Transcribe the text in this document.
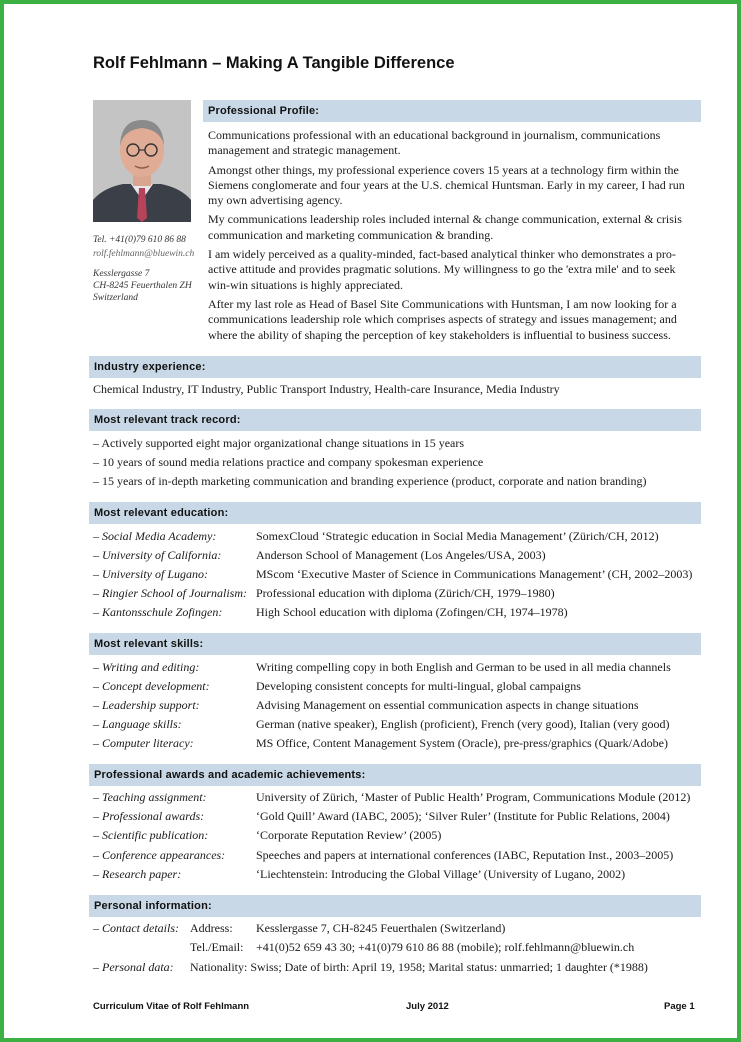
Rolf Fehlmann – Making A Tangible Difference
Tel. +41(0)79 610 86 88
rolf.fehlmann@bluewin.ch
Kesslergasse 7
CH-8245 Feuerthalen ZH
Switzerland
Professional Profile:

Communications professional with an educational background in journalism, communications management and strategic management.

Amongst other things, my professional experience covers 15 years at a technology firm within the Siemens conglomerate and four years at the U.S. chemical Huntsman. Early in my career, I had run my own advertising agency.

My communications leadership roles included internal & change communication, external & crisis communication and marketing communication & branding.

I am widely perceived as a quality-minded, fact-based analytical thinker who demonstrates a pro-active attitude and provides pragmatic solutions. My willingness to go the 'extra mile' and to seek win-win situations is highly appreciated.

After my last role as Head of Basel Site Communications with Huntsman, I am now looking for a communications leadership role which comprises aspects of strategy and issues management; and where the ability of shaping the perception of key stakeholders is influential to business success.

Industry experience:
Chemical Industry, IT Industry, Public Transport Industry, Health-care Insurance, Media Industry
Most relevant track record:
– Actively supported eight major organizational change situations in 15 years
– 10 years of sound media relations practice and company spokesman experience
– 15 years of in-depth marketing communication and branding experience (product, corporate and nation branding)
Most relevant education:
– Social Media Academy:	SomexCloud ‘Strategic education in Social Media Management’ (Zürich/CH, 2012)
– University of California:	Anderson School of Management (Los Angeles/USA, 2003)
– University of Lugano:	MScom ‘Executive Master of Science in Communications Management’ (CH, 2002–2003)
– Ringier School of Journalism: Professional education with diploma (Zürich/CH, 1979–1980)
– Kantonsschule Zofingen:	High School education with diploma (Zofingen/CH, 1974–1978)
Most relevant skills:
– Writing and editing:	Writing compelling copy in both English and German to be used in all media channels
– Concept development:	Developing consistent concepts for multi-lingual, global campaigns
– Leadership support:	Advising Management on essential communication aspects in change situations
– Language skills:	German (native speaker), English (proficient), French (very good), Italian (very good)
– Computer literacy:	MS Office, Content Management System (Oracle), pre-press/graphics (Quark/Adobe)
Professional awards and academic achievements:
– Teaching assignment:	University of Zürich, ‘Master of Public Health’ Program, Communications Module (2012)
– Professional awards:	‘Gold Quill’ Award (IABC, 2005); ‘Silver Ruler’ (Institute for Public Relations, 2004)
– Scientific publication:	‘Corporate Reputation Review’ (2005)
– Conference appearances:	Speeches and papers at international conferences (IABC, Reputation Inst., 2003–2005)
– Research paper:	‘Liechtenstein: Introducing the Global Village’ (University of Lugano, 2002)
Personal information:
– Contact details: Address: Kesslergasse 7, CH-8245 Feuerthalen (Switzerland)
Tel./Email: +41(0)52 659 43 30; +41(0)79 610 86 88 (mobile); rolf.fehlmann@bluewin.ch
– Personal data: Nationality: Swiss; Date of birth: April 19, 1958; Marital status: unmarried; 1 daughter (*1988)
Curriculum Vitae of Rolf Fehlmann	July 2012	Page 1
